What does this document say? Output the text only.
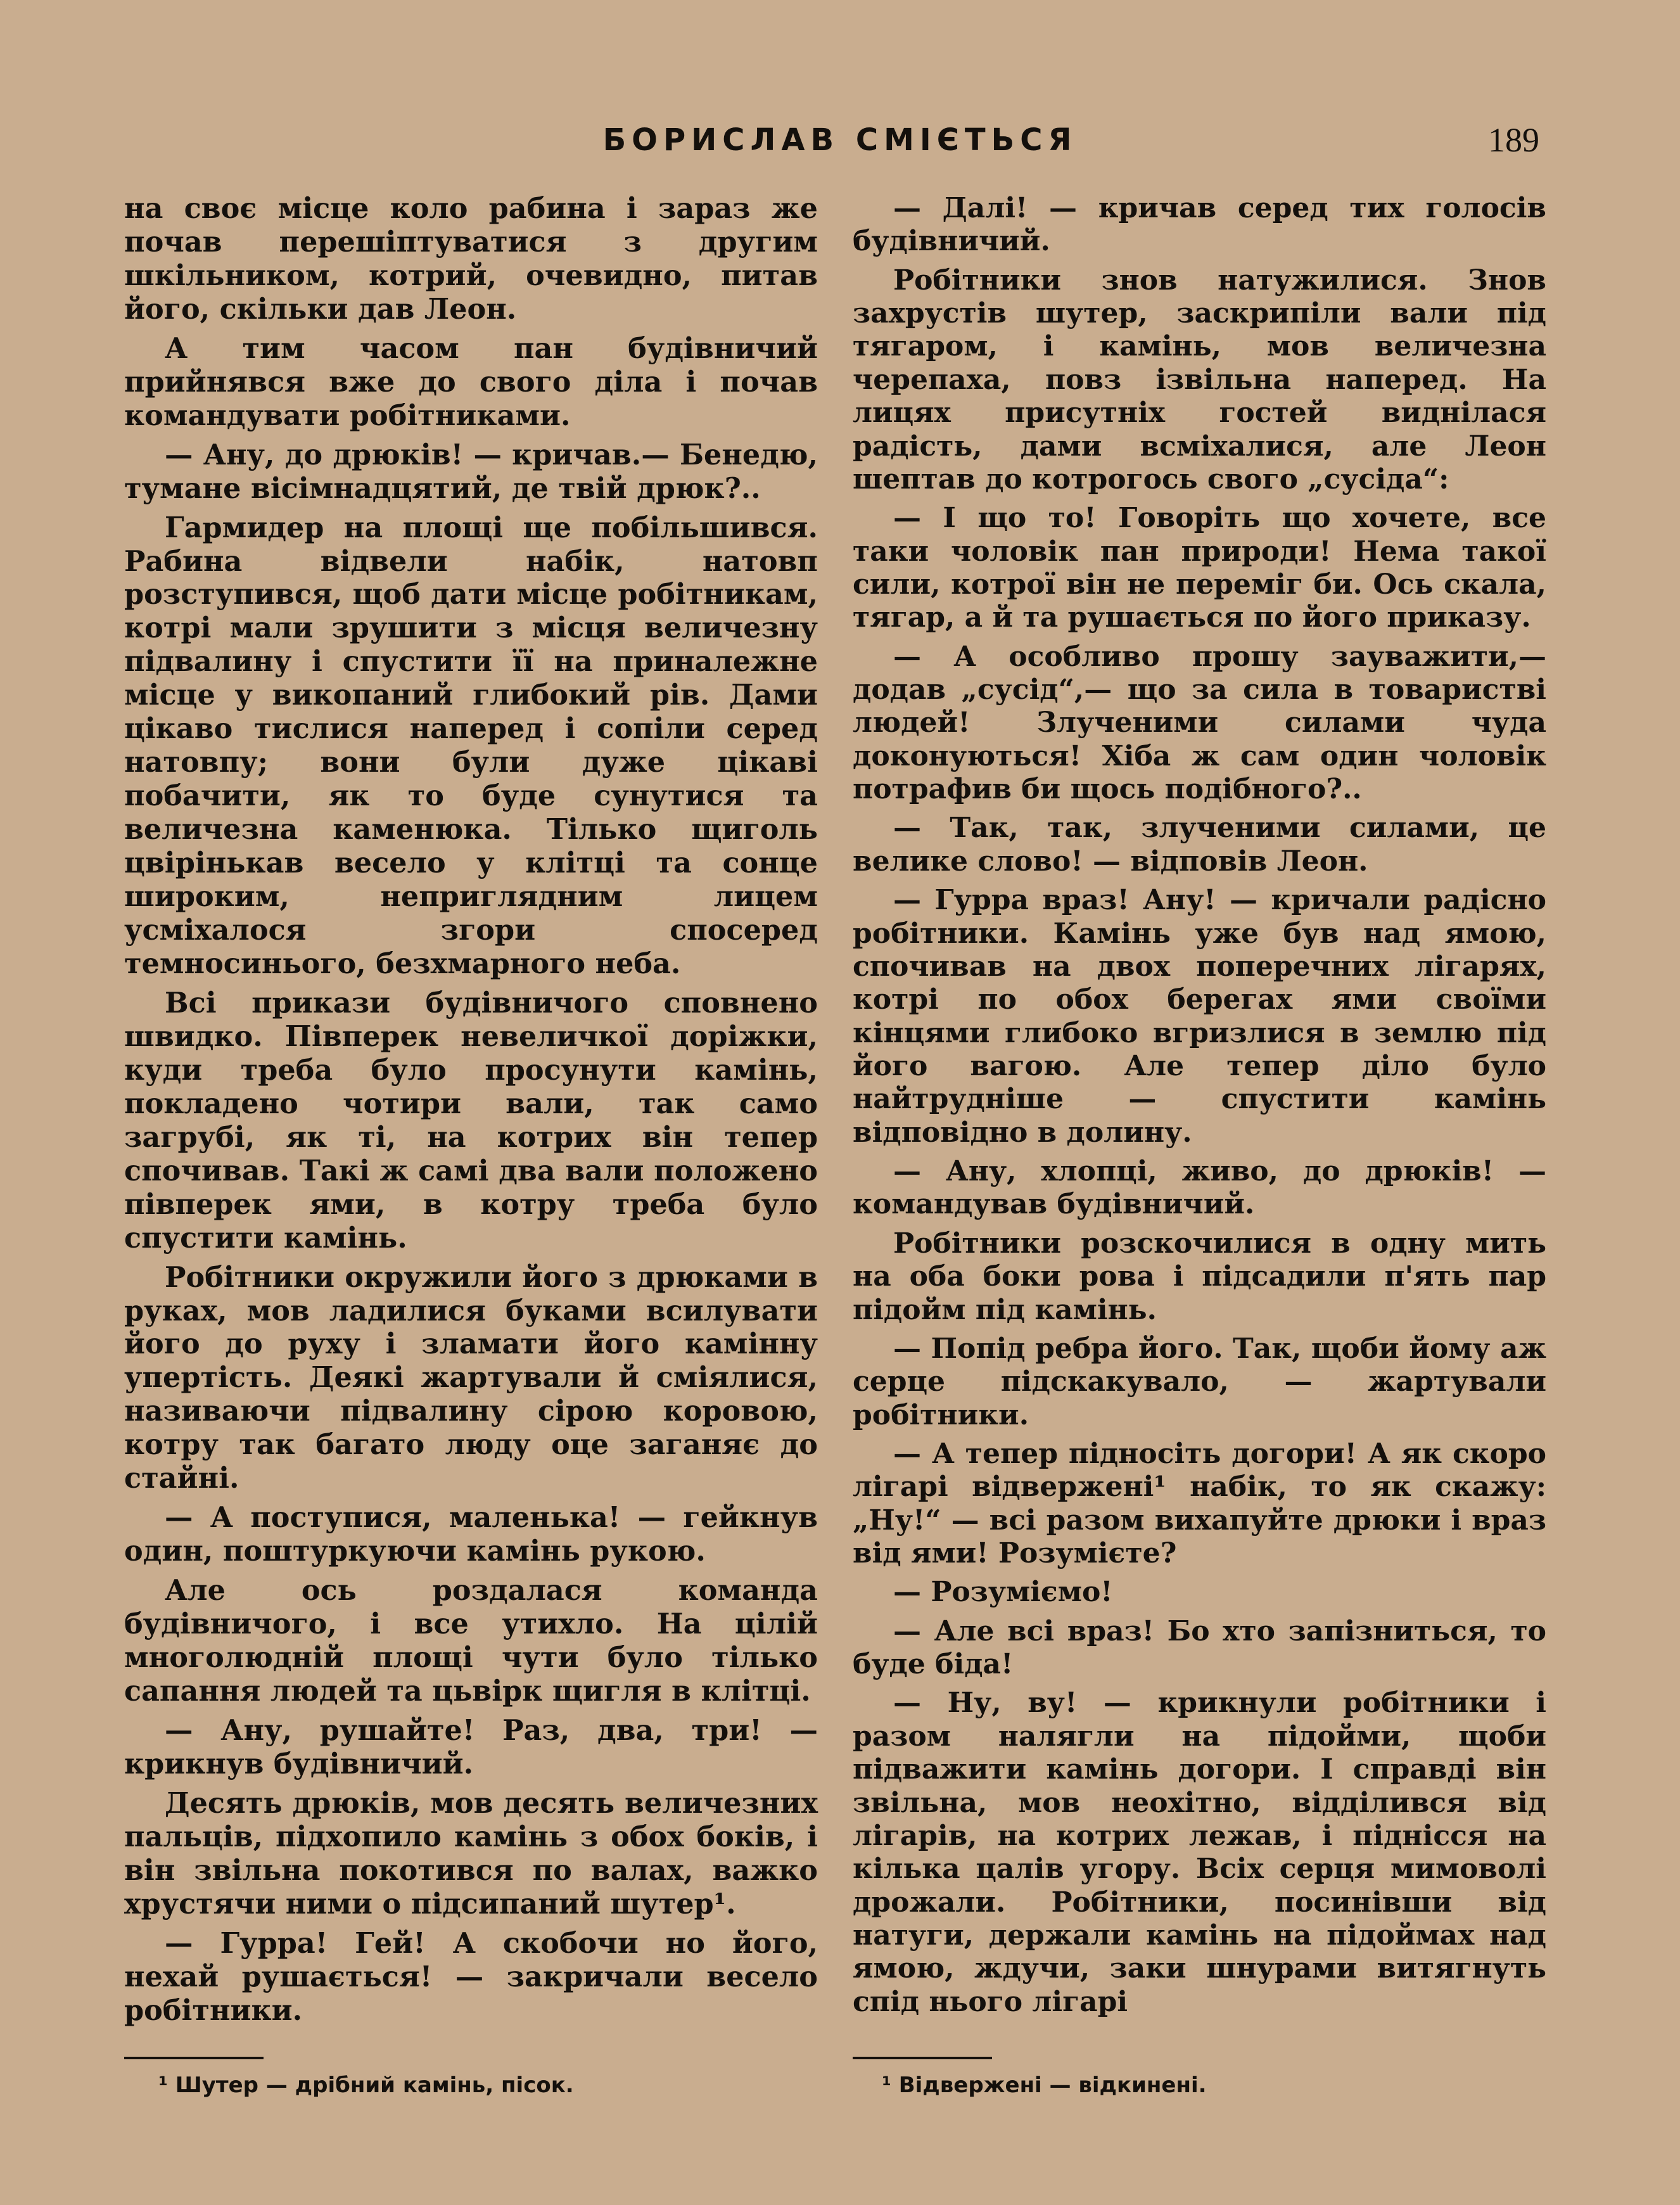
БОРИСЛАВ СМІЄТЬСЯ	189

на своє місце коло рабина і зараз же почав перешіптуватися з другим шкільником, котрий, очевидно, питав його, скільки дав Леон.

А тим часом пан будівничий прийнявся вже до свого діла і почав командувати робітниками.

— Ану, до дрюків! — кричав.— Бенедю, тумане вісімнадцятий, де твій дрюк?..

Гармидер на площі ще побільшився. Рабина відвели набік, натовп розступився, щоб дати місце робітникам, котрі мали зрушити з місця величезну підвалину і спустити її на приналежне місце у викопаний глибокий рів. Дами цікаво тислися наперед і сопіли серед натовпу; вони були дуже цікаві побачити, як то буде сунутися та величезна каменюка. Тілько щиголь цвірінькав весело у клітці та сонце широким, неприглядним лицем усміхалося згори спосеред темносинього, безхмарного неба.

Всі прикази будівничого сповнено швидко. Півперек невеличкої доріжки, куди треба було просунути камінь, покладено чотири вали, так само загрубі, як ті, на котрих він тепер спочивав. Такі ж самі два вали положено півперек ями, в котру треба було спустити камінь.

Робітники окружили його з дрюками в руках, мов ладилися буками всилувати його до руху і зламати його камінну упертість. Деякі жартували й сміялися, називаючи підвалину сірою коровою, котру так багато люду оце заганяє до стайні.

— А поступися, маленька! — гейкнув один, поштуркуючи камінь рукою.

Але ось роздалася команда будівничого, і все утихло. На цілій многолюдній площі чути було тілько сапання людей та цьвірк щигля в клітці.

— Ану, рушайте! Раз, два, три! — крикнув будівничий.

Десять дрюків, мов десять величезних пальців, підхопило камінь з обох боків, і він звільна покотився по валах, важко хрустячи ними о підсипаний шутер¹.

— Гурра! Гей! А скобочи но його, нехай рушається! — закричали весело робітники.

— Далі! — кричав серед тих голосів будівничий.

Робітники знов натужилися. Знов захрустів шутер, заскрипіли вали під тягаром, і камінь, мов величезна черепаха, повз ізвільна наперед. На лицях присутніх гостей виднілася радість, дами всміхалися, але Леон шептав до котрогось свого „сусіда“:

— І що то! Говоріть що хочете, все таки чоловік пан природи! Нема такої сили, котрої він не переміг би. Ось скала, тягар, а й та рушається по його приказу.

— А особливо прошу зауважити,— додав „сусід“,— що за сила в товаристві людей! Злученими силами чуда доконуються! Хіба ж сам один чоловік потрафив би щось подібного?..

— Так, так, злученими силами, це велике слово! — відповів Леон.

— Гурра враз! Ану! — кричали радісно робітники. Камінь уже був над ямою, спочивав на двох поперечних лігарях, котрі по обох берегах ями своїми кінцями глибоко вгризлися в землю під його вагою. Але тепер діло було найтрудніше — спустити камінь відповідно в долину.

— Ану, хлопці, живо, до дрюків! — командував будівничий.

Робітники розскочилися в одну мить на оба боки рова і підсадили п'ять пар підойм під камінь.

— Попід ребра його. Так, щоби йому аж серце підскакувало, — жартували робітники.

— А тепер підносіть догори! А як скоро лігарі відвержені¹ набік, то як скажу: „Ну!“ — всі разом вихапуйте дрюки і враз від ями! Розумієте?

— Розуміємо!

— Але всі враз! Бо хто запізниться, то буде біда!

— Ну, ву! — крикнули робітники і разом налягли на підойми, щоби підважити камінь догори. І справді він звільна, мов неохітно, відділився від лігарів, на котрих лежав, і піднісся на кілька цалів угору. Всіх серця мимоволі дрожали. Робітники, посинівши від натуги, держали камінь на підоймах над ямою, ждучи, заки шнурами витягнуть спід нього лігарі

¹ Шутер — дрібний камінь, пісок.	¹ Відвержені — відкинені.
